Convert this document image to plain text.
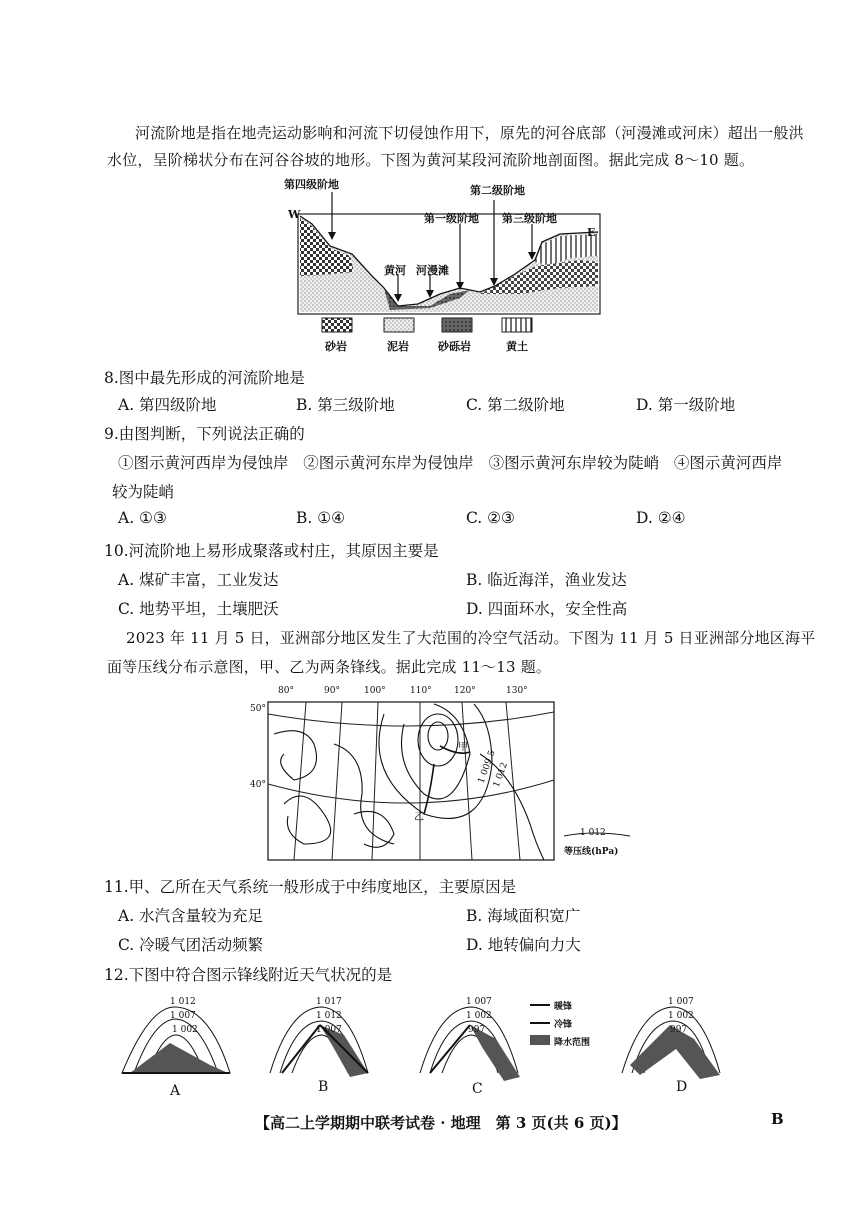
河流阶地是指在地壳运动影响和河流下切侵蚀作用下，原先的河谷底部（河漫滩或河床）超出一般洪
水位，呈阶梯状分布在河谷谷坡的地形。下图为黄河某段河流阶地剖面图。据此完成 8～10 题。
第四级阶地	第二级阶地
第一级阶地 第三级阶地
黄河 河漫滩
W
E
砂岩	泥岩	砂砾岩	黄土
8.图中最先形成的河流阶地是
A. 第四级阶地	B. 第三级阶地	C. 第二级阶地	D. 第一级阶地
9.由图判断，下列说法正确的
①图示黄河西岸为侵蚀岸   ②图示黄河东岸为侵蚀岸   ③图示黄河东岸较为陡峭   ④图示黄河西岸
较为陡峭
A. ①③	B. ①④	C. ②③	D. ②④
10.河流阶地上易形成聚落或村庄，其原因主要是
A. 煤矿丰富，工业发达	B. 临近海洋，渔业发达
C. 地势平坦，土壤肥沃	D. 四面环水，安全性高
2023 年 11 月 5 日，亚洲部分地区发生了大范围的冷空气活动。下图为 11 月 5 日亚洲部分地区海平
面等压线分布示意图，甲、乙为两条锋线。据此完成 11～13 题。
80°	90°	100°	110° 120°	130°
50°
40°
甲
乙
1 009.5
1 012
1 012
等压线(hPa)
11.甲、乙所在天气系统一般形成于中纬度地区，主要原因是
A. 水汽含量较为充足	B. 海域面积宽广
C. 冷暖气团活动频繁	D. 地转偏向力大
12.下图中符合图示锋线附近天气状况的是
1 012
1 007
1 002
1 017
1 012
1 007
1 007
1 002
997
1 007
1 002
997
暖锋
冷锋
降水范围
A	B	C	D
【高二上学期期中联考试卷 · 地理　第 3 页(共 6 页)】	B
